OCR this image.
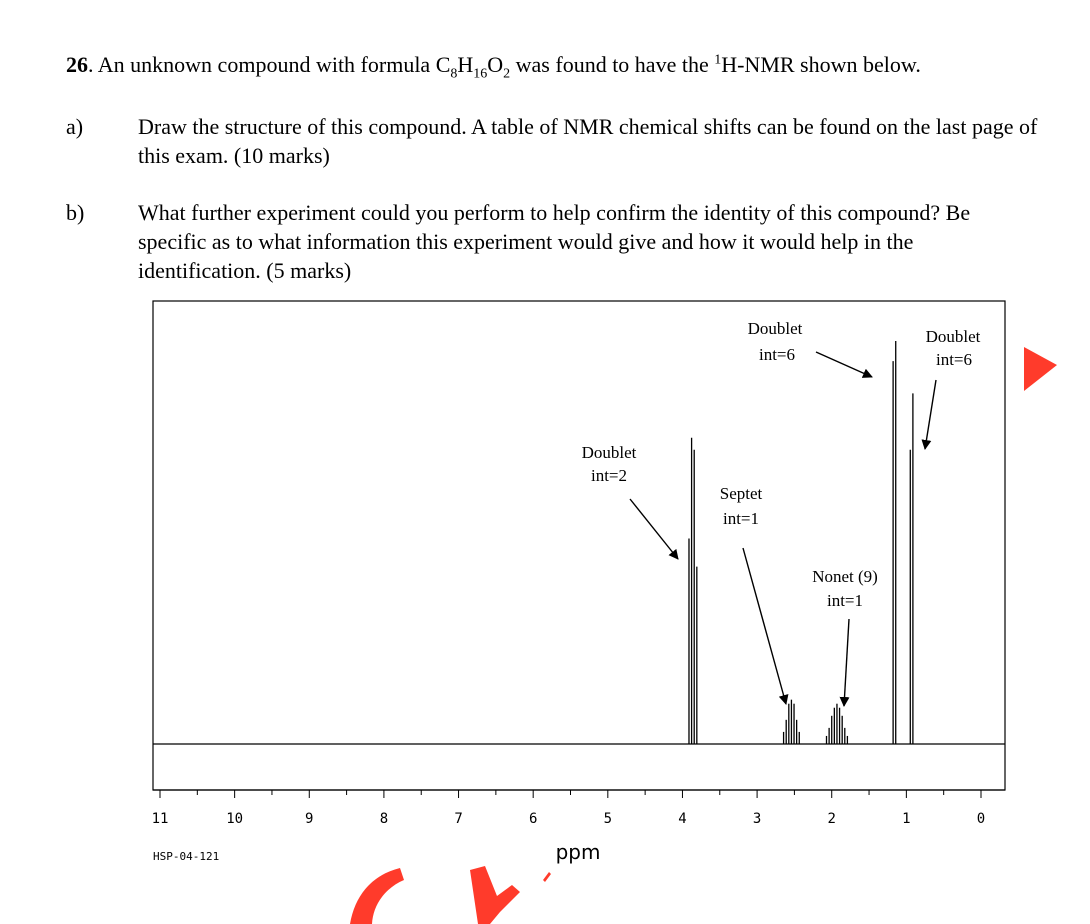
26. An unknown compound with formula $C_8H_{16}O_2$ was found to have the $^1$H-NMR shown below.
a) Draw the structure of this compound. A table of NMR chemical shifts can be found on the last page of this exam. (10 marks)
b) What further experiment could you perform to help confirm the identity of this compound? Be specific as to what information this experiment would give and how it would help in the identification. (5 marks)
11	10	9	8	7	6	5	4	3	2	1	0
ppm
HSP-04-121
Doublet
int=6
Doublet
int=6
Doublet
int=2
Septet
int=1
Nonet (9)
int=1
